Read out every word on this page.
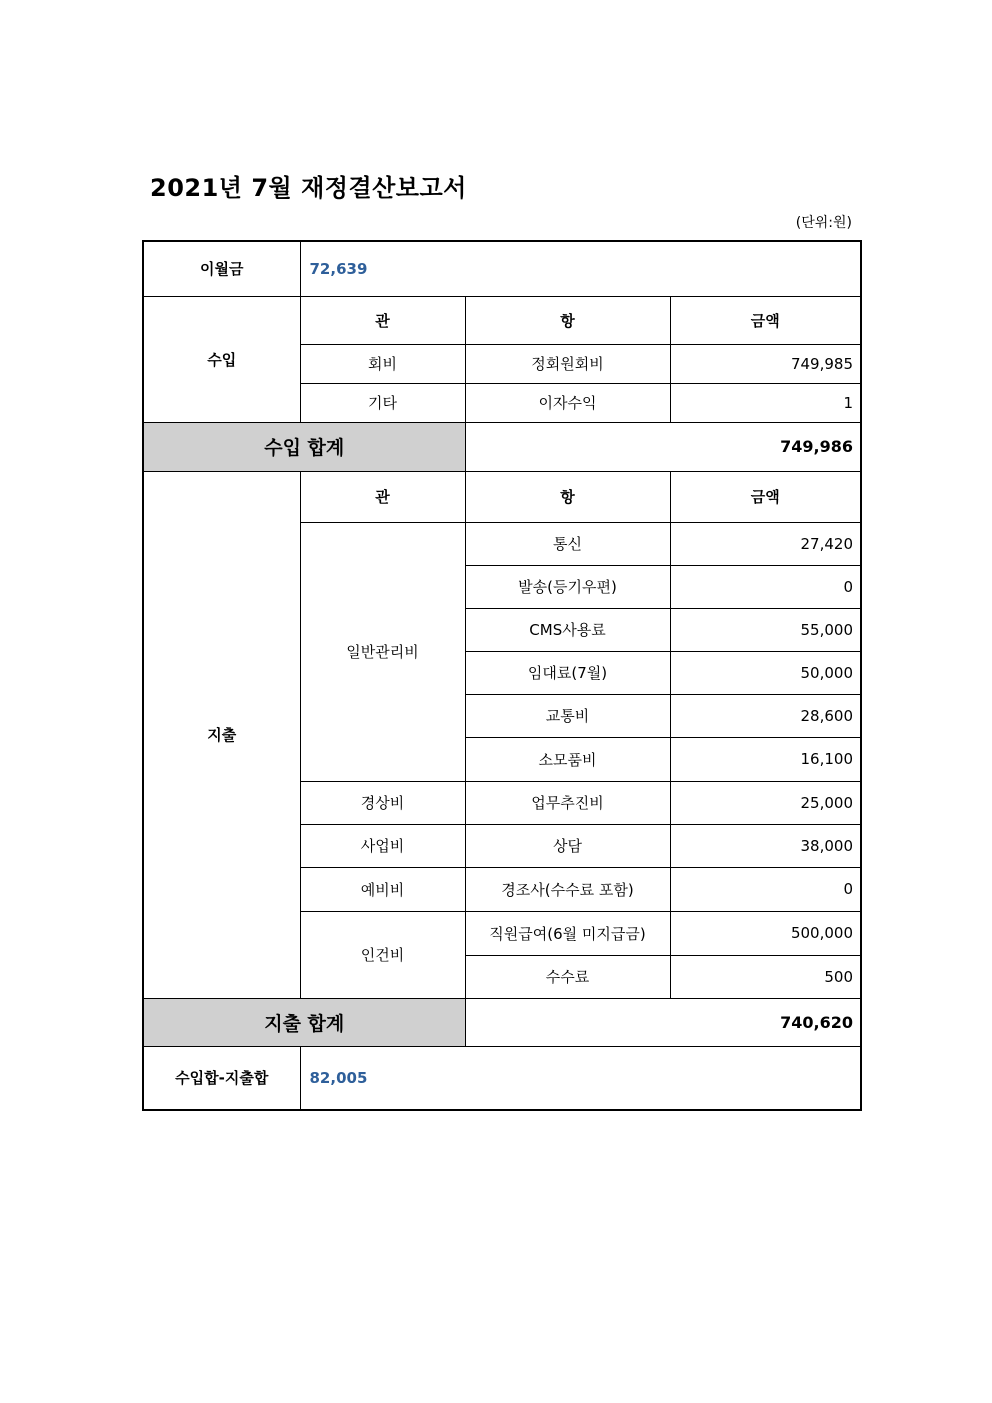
2021년 7월 재정결산보고서
(단위:원)
이월금	72,639		
수입	관	항	금액
	회비	정회원회비	749,985
	기타	이자수익	1
수입 합계		749,986	
지출	관	항	금액
	일반관리비	통신	27,420
		발송(등기우편)	0
		CMS사용료	55,000
		임대료(7월)	50,000
		교통비	28,600
		소모품비	16,100
	경상비	업무추진비	25,000
	사업비	상담	38,000
	예비비	경조사(수수료 포함)	0
	인건비	직원급여(6월 미지급금)	500,000
		수수료	500
지출 합계		740,620	
수입합-지출합	82,005		
